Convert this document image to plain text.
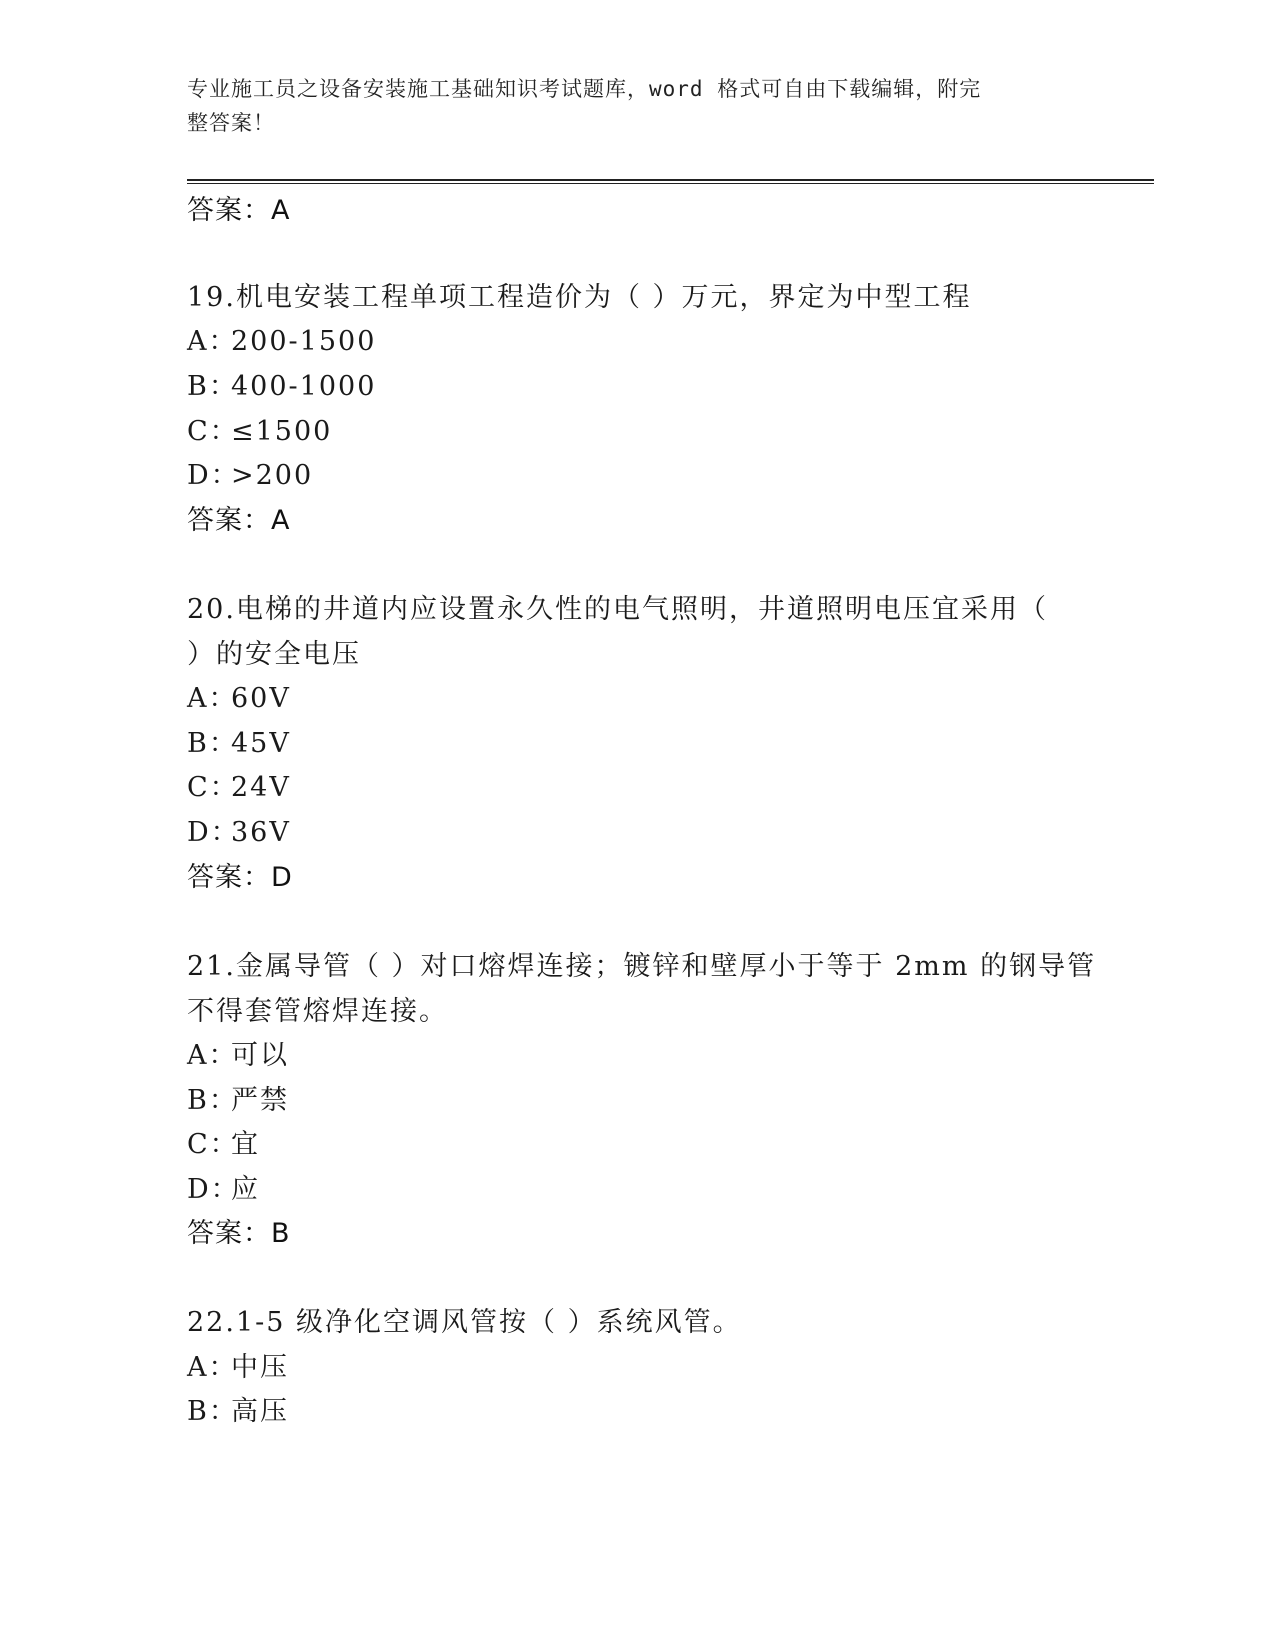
专业施工员之设备安装施工基础知识考试题库，word 格式可自由下载编辑，附完
整答案！
答案：A
19.机电安装工程单项工程造价为（ ）万元，界定为中型工程
A：200-1500
B：400-1000
C：≤1500
D：>200
答案：A
20.电梯的井道内应设置永久性的电气照明，井道照明电压宜采用（
）的安全电压
A：60V
B：45V
C：24V
D：36V
答案：D
21.金属导管（ ）对口熔焊连接；镀锌和壁厚小于等于 2mm 的钢导管
不得套管熔焊连接。
A：可以
B：严禁
C：宜
D：应
答案：B
22.1-5 级净化空调风管按（ ）系统风管。
A：中压
B：高压
